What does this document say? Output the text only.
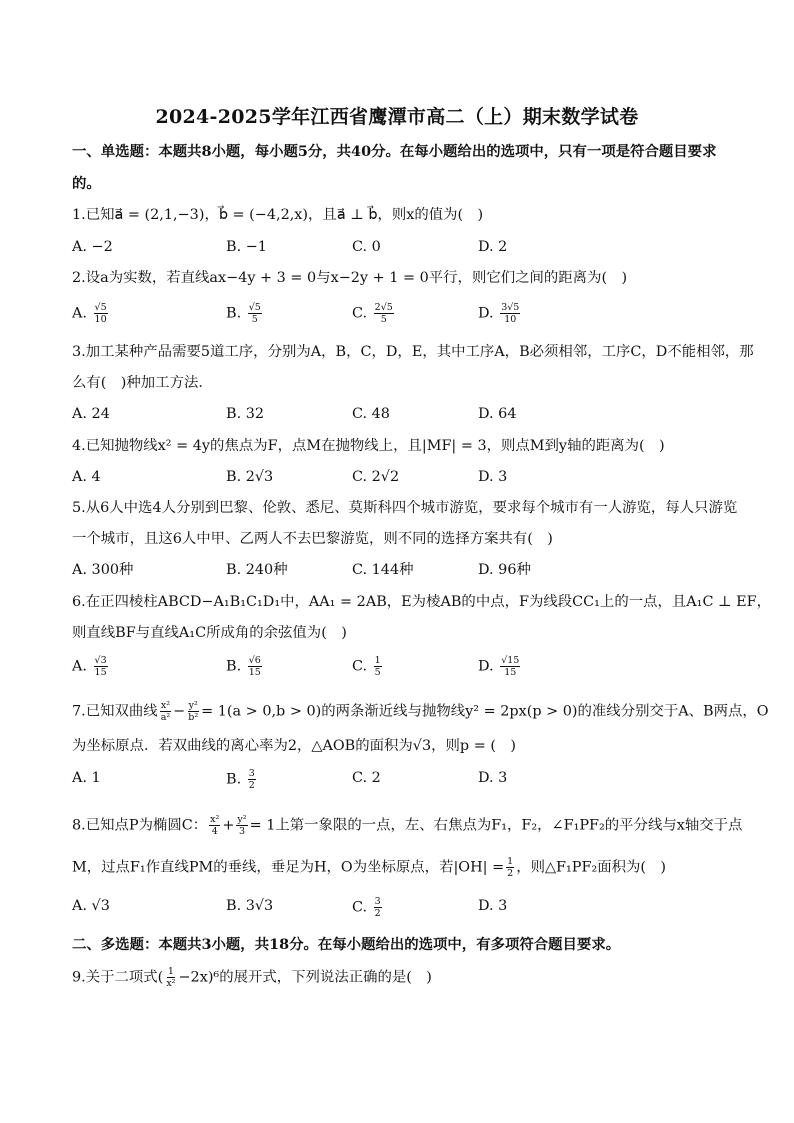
2024-2025学年江西省鹰潭市高二（上）期末数学试卷
一、单选题：本题共8小题，每小题5分，共40分。在每小题给出的选项中，只有一项是符合题目要求
的。
1.已知a⃗ = (2,1,−3)，b⃗ = (−4,2,x)，且a⃗ ⊥ b⃗，则x的值为(　)
A. −2	B. −1	C. 0	D. 2
2.设a为实数，若直线ax−4y + 3 = 0与x−2y + 1 = 0平行，则它们之间的距离为(　)
A. $\frac{√5}{10}$	B. $\frac{√5}{5}$	C. $\frac{2√5}{5}$	D. $\frac{3√5}{10}$
3.加工某种产品需要5道工序，分别为A，B，C，D，E，其中工序A，B必须相邻，工序C，D不能相邻，那
么有(　)种加工方法．
A. 24	B. 32	C. 48	D. 64
4.已知抛物线x² = 4y的焦点为F，点M在抛物线上，且|MF| = 3，则点M到y轴的距离为(　)
A. 4	B. 2√3	C. 2√2	D. 3
5.从6人中选4人分别到巴黎、伦敦、悉尼、莫斯科四个城市游览，要求每个城市有一人游览，每人只游览
一个城市，且这6人中甲、乙两人不去巴黎游览，则不同的选择方案共有(　)
A. 300种	B. 240种	C. 144种	D. 96种
6.在正四棱柱ABCD−A₁B₁C₁D₁中，AA₁ = 2AB，E为棱AB的中点，F为线段CC₁上的一点，且A₁C ⊥ EF，
则直线BF与直线A₁C所成角的余弦值为(　)
A. $\frac{√3}{15}$	B. $\frac{√6}{15}$	C. $\frac{1}{5}$	D. $\frac{√15}{15}$
7.已知双曲线 $\frac{\text{x²}}{\text{a²}} - \frac{\text{y²}}{\text{b²}} = 1(a > 0,b > 0)$的两条渐近线与抛物线y² = 2px(p > 0)的准线分别交于A、B两点，O
为坐标原点．若双曲线的离心率为2，△AOB的面积为√3，则p = (　)
A. 1	B. $\frac{3}{2}$	C. 2	D. 3
8.已知点P为椭圆C： $\frac{\text{x²}}{4} + \frac{\text{y²}}{3} = 1$上第一象限的一点，左、右焦点为F₁，F₂，∠F₁PF₂的平分线与x轴交于点
M，过点F₁作直线PM的垂线，垂足为H，O为坐标原点，若$|OH| = \frac{1}{2}$ ，则△F₁PF₂面积为(　)
A. √3	B. 3√3	C. $\frac{3}{2}$	D. 3
二、多选题：本题共3小题，共18分。在每小题给出的选项中，有多项符合题目要求。
9.关于二项式( $\frac{1}{\text{x²}} -2x)^6$的展开式，下列说法正确的是(　)
